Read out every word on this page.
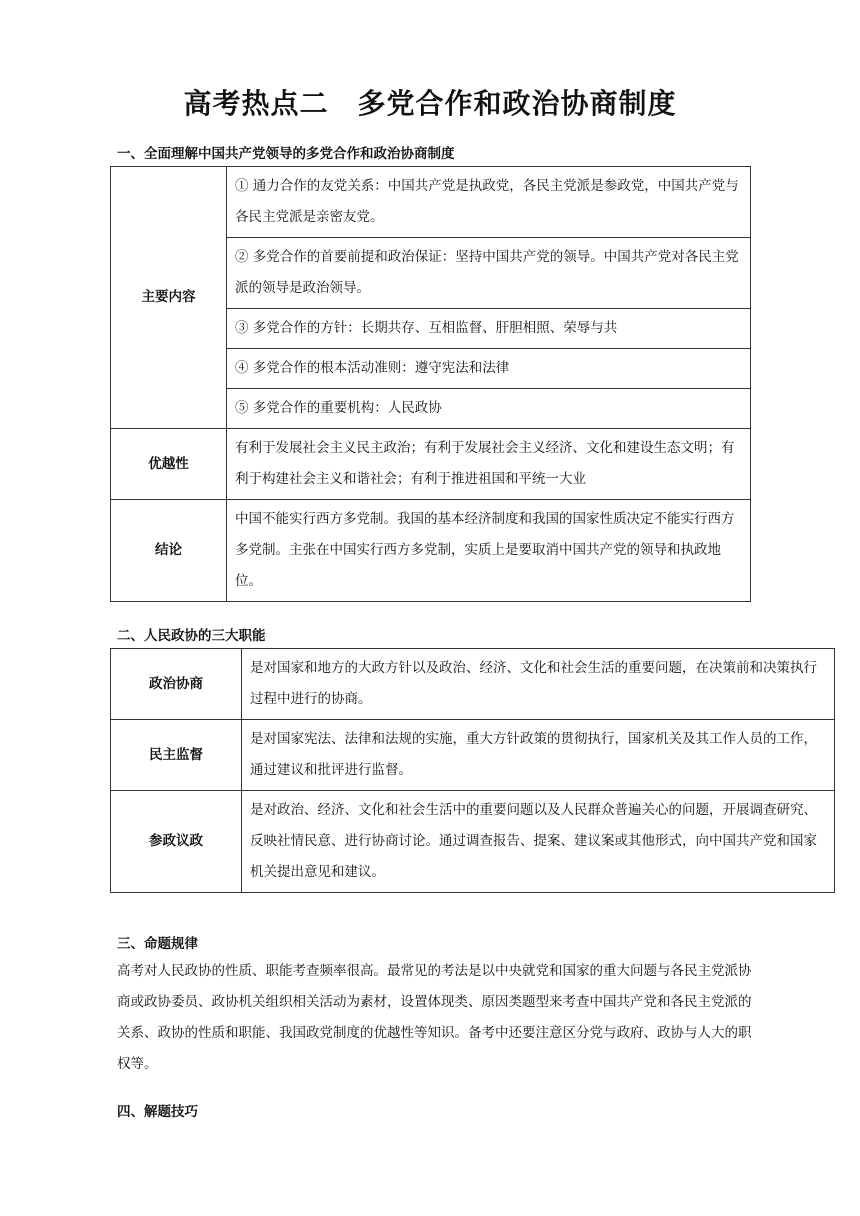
高考热点二　多党合作和政治协商制度
一、全面理解中国共产党领导的多党合作和政治协商制度
主要内容	① 通力合作的友党关系：中国共产党是执政党，各民主党派是参政党，中国共产党与各民主党派是亲密友党。
	② 多党合作的首要前提和政治保证：坚持中国共产党的领导。中国共产党对各民主党派的领导是政治领导。
	③ 多党合作的方针：长期共存、互相监督、肝胆相照、荣辱与共
	④ 多党合作的根本活动准则：遵守宪法和法律
	⑤ 多党合作的重要机构：人民政协
优越性	有利于发展社会主义民主政治；有利于发展社会主义经济、文化和建设生态文明；有利于构建社会主义和谐社会；有利于推进祖国和平统一大业
结论	中国不能实行西方多党制。我国的基本经济制度和我国的国家性质决定不能实行西方多党制。主张在中国实行西方多党制，实质上是要取消中国共产党的领导和执政地位。
二、人民政协的三大职能
政治协商	是对国家和地方的大政方针以及政治、经济、文化和社会生活的重要问题，在决策前和决策执行过程中进行的协商。
民主监督	是对国家宪法、法律和法规的实施，重大方针政策的贯彻执行，国家机关及其工作人员的工作，通过建议和批评进行监督。
参政议政	是对政治、经济、文化和社会生活中的重要问题以及人民群众普遍关心的问题，开展调查研究、反映社情民意、进行协商讨论。通过调查报告、提案、建议案或其他形式，向中国共产党和国家机关提出意见和建议。
三、命题规律
高考对人民政协的性质、职能考查频率很高。最常见的考法是以中央就党和国家的重大问题与各民主党派协商或政协委员、政协机关组织相关活动为素材，设置体现类、原因类题型来考查中国共产党和各民主党派的关系、政协的性质和职能、我国政党制度的优越性等知识。备考中还要注意区分党与政府、政协与人大的职权等。
四、解题技巧
